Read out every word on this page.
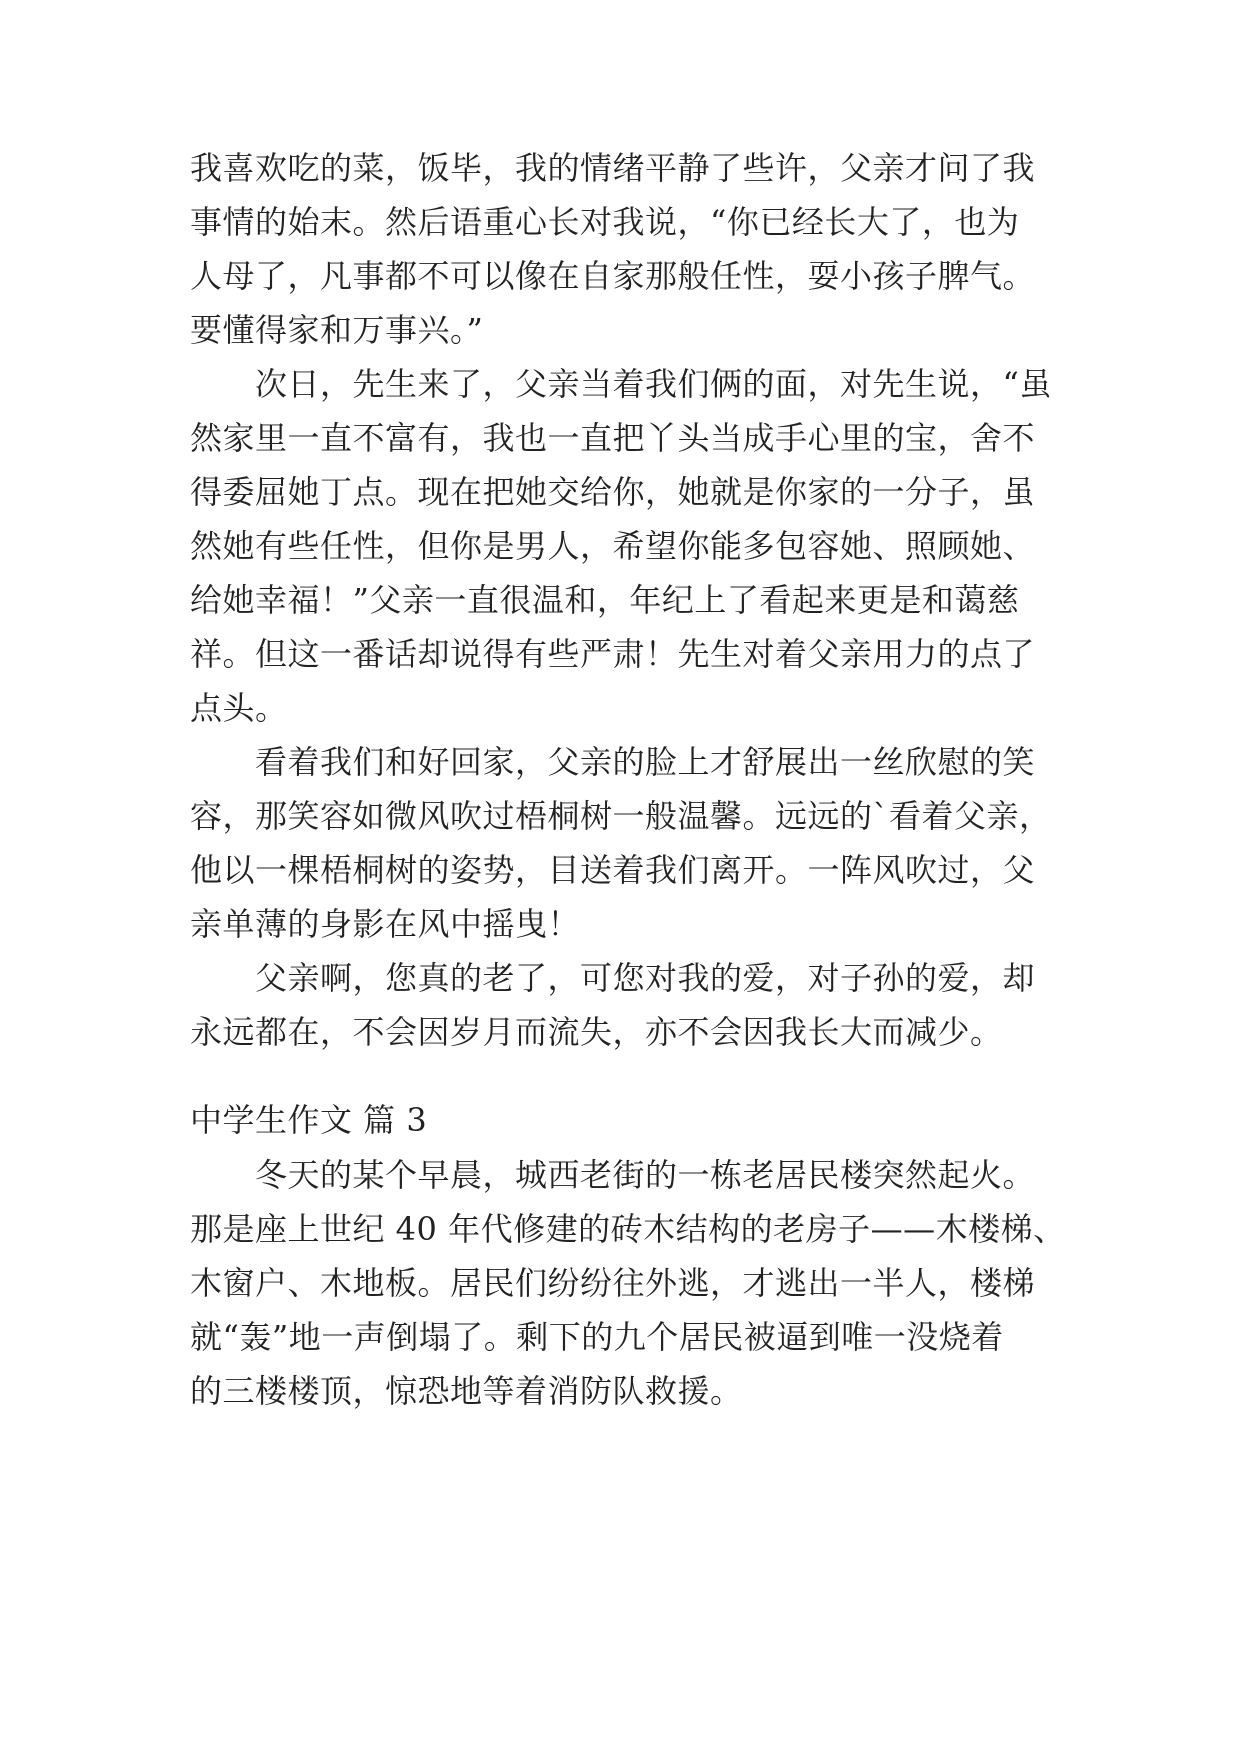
我喜欢吃的菜，饭毕，我的情绪平静了些许，父亲才问了我
事情的始末。然后语重心长对我说，“你已经长大了，也为
人母了，凡事都不可以像在自家那般任性，耍小孩子脾气。
要懂得家和万事兴。”
次日，先生来了，父亲当着我们俩的面，对先生说，“虽
然家里一直不富有，我也一直把丫头当成手心里的宝，舍不
得委屈她丁点。现在把她交给你，她就是你家的一分子，虽
然她有些任性，但你是男人，希望你能多包容她、照顾她、
给她幸福！”父亲一直很温和，年纪上了看起来更是和蔼慈
祥。但这一番话却说得有些严肃！先生对着父亲用力的点了
点头。
看着我们和好回家，父亲的脸上才舒展出一丝欣慰的笑
容，那笑容如微风吹过梧桐树一般温馨。远远的`看着父亲，
他以一棵梧桐树的姿势，目送着我们离开。一阵风吹过，父
亲单薄的身影在风中摇曳！
父亲啊，您真的老了，可您对我的爱，对子孙的爱，却
永远都在，不会因岁月而流失，亦不会因我长大而减少。
中学生作文 篇 3
冬天的某个早晨，城西老街的一栋老居民楼突然起火。
那是座上世纪 40 年代修建的砖木结构的老房子——木楼梯、
木窗户、木地板。居民们纷纷往外逃，才逃出一半人，楼梯
就“轰”地一声倒塌了。剩下的九个居民被逼到唯一没烧着
的三楼楼顶，惊恐地等着消防队救援。
